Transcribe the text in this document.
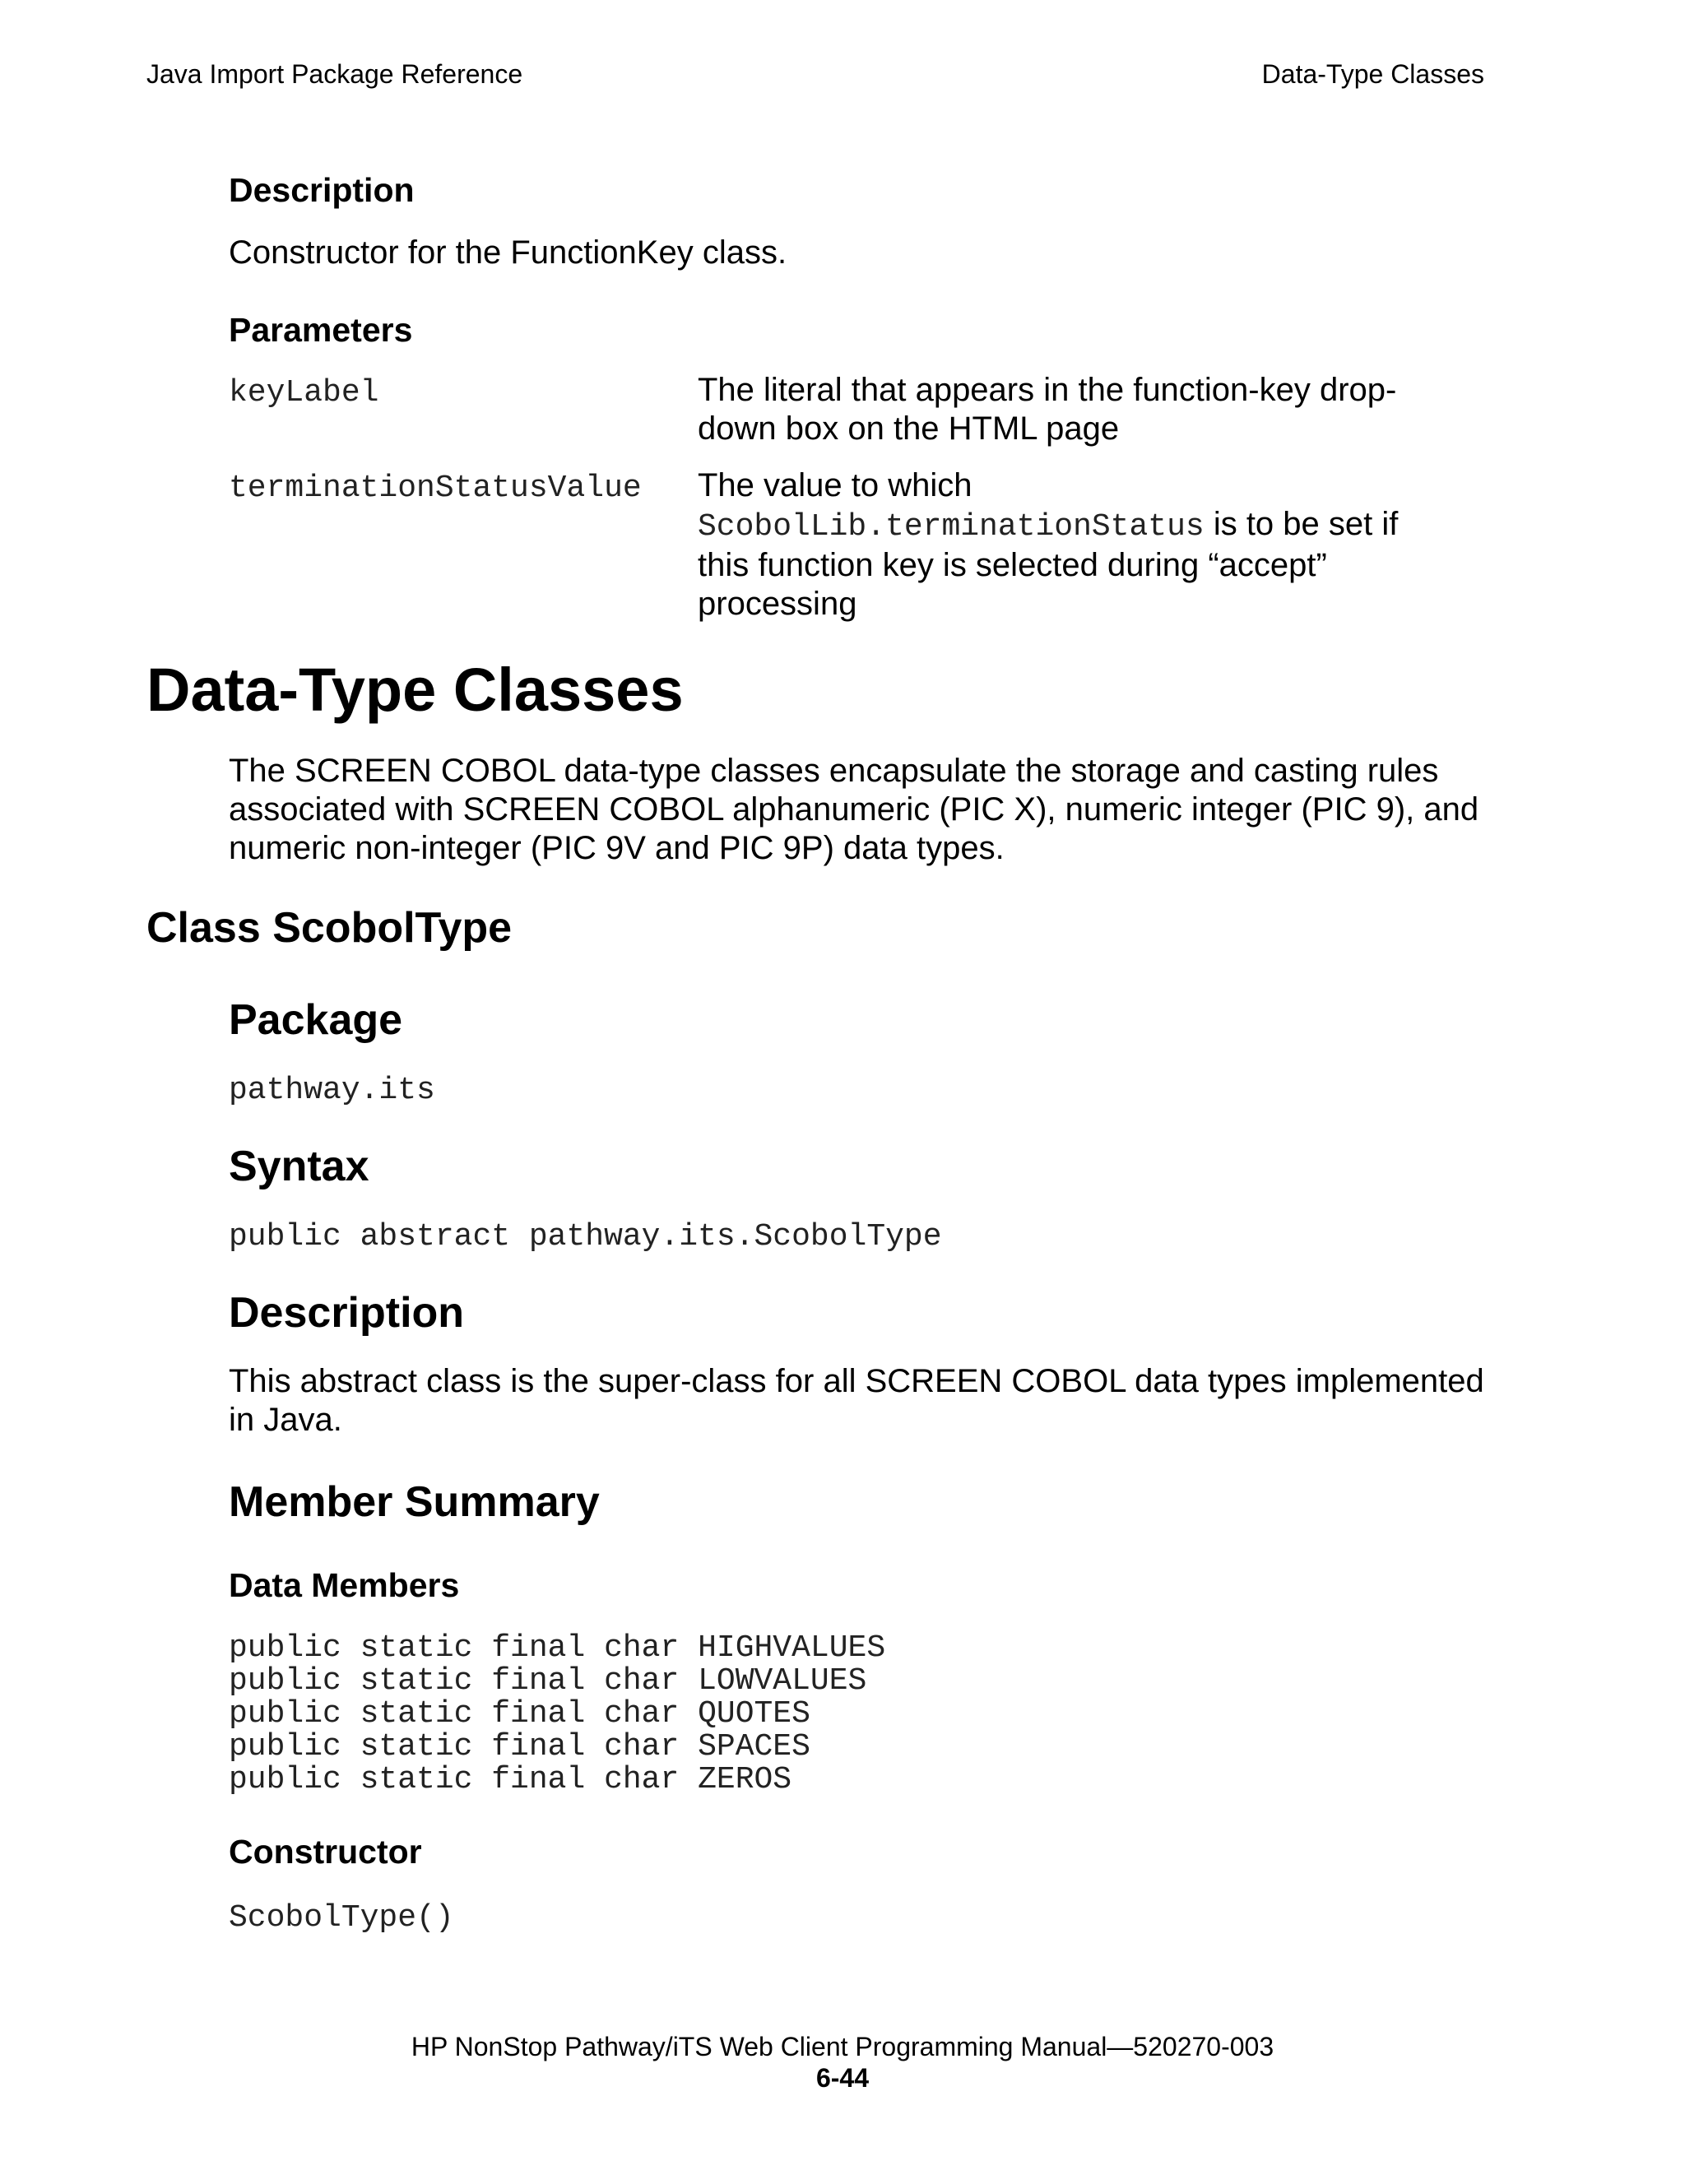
Java Import Package Reference	Data-Type Classes
Description
Constructor for the FunctionKey class.
Parameters
keyLabel	The literal that appears in the function-key drop-
down box on the HTML page
terminationStatusValue The value to which
ScobolLib.terminationStatus is to be set if
this function key is selected during “accept”
processing
Data-Type Classes
The SCREEN COBOL data-type classes encapsulate the storage and casting rules
associated with SCREEN COBOL alphanumeric (PIC X), numeric integer (PIC 9), and
numeric non-integer (PIC 9V and PIC 9P) data types.
Class ScobolType
Package
pathway.its
Syntax
public abstract pathway.its.ScobolType
Description
This abstract class is the super-class for all SCREEN COBOL data types implemented
in Java.
Member Summary
Data Members
public static final char HIGHVALUES
public static final char LOWVALUES
public static final char QUOTES
public static final char SPACES
public static final char ZEROS
Constructor
ScobolType()
HP NonStop Pathway/iTS Web Client Programming Manual—520270-003
6-44
